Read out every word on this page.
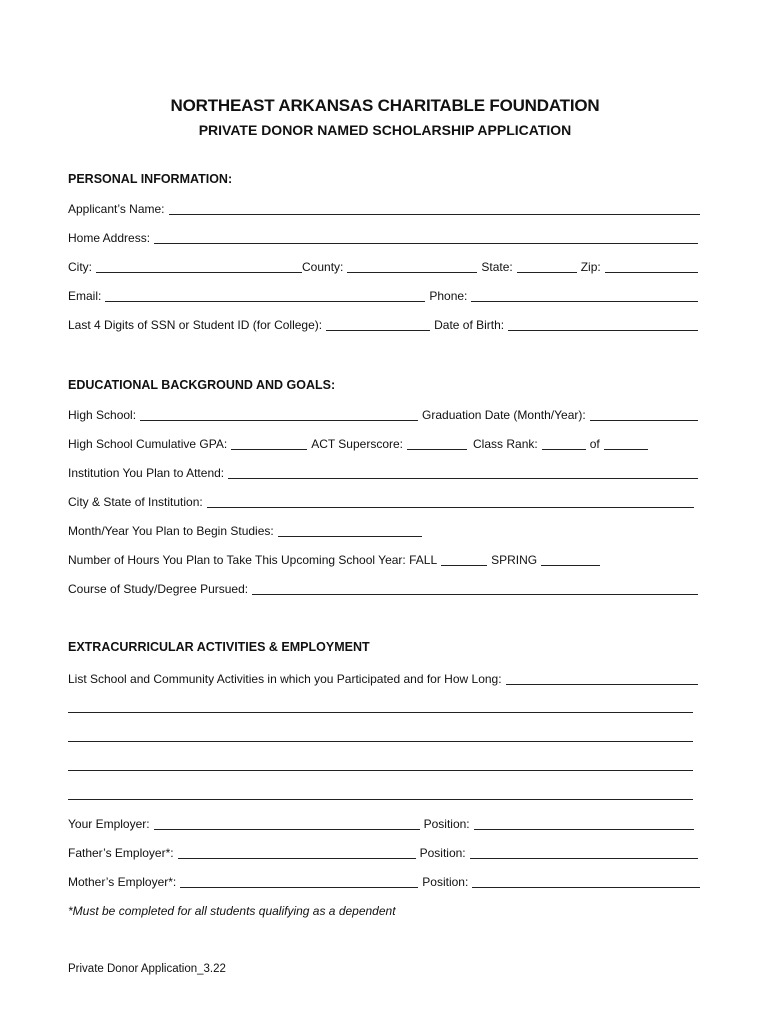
NORTHEAST ARKANSAS CHARITABLE FOUNDATION
PRIVATE DONOR NAMED SCHOLARSHIP APPLICATION
PERSONAL INFORMATION:
Applicant’s Name:
Home Address:
City:	County:	State:	Zip:
Email:	Phone:
Last 4 Digits of SSN or Student ID (for College):	Date of Birth:
EDUCATIONAL BACKGROUND AND GOALS:
High School:	Graduation Date (Month/Year):
High School Cumulative GPA:	ACT Superscore:	Class Rank:	of
Institution You Plan to Attend:
City & State of Institution:
Month/Year You Plan to Begin Studies:
Number of Hours You Plan to Take This Upcoming School Year: FALL	SPRING
Course of Study/Degree Pursued:
EXTRACURRICULAR ACTIVITIES & EMPLOYMENT
List School and Community Activities in which you Participated and for How Long:
Your Employer:	Position:
Father’s Employer*:	Position:
Mother’s Employer*:	Position:
*Must be completed for all students qualifying as a dependent
Private Donor Application_3.22
